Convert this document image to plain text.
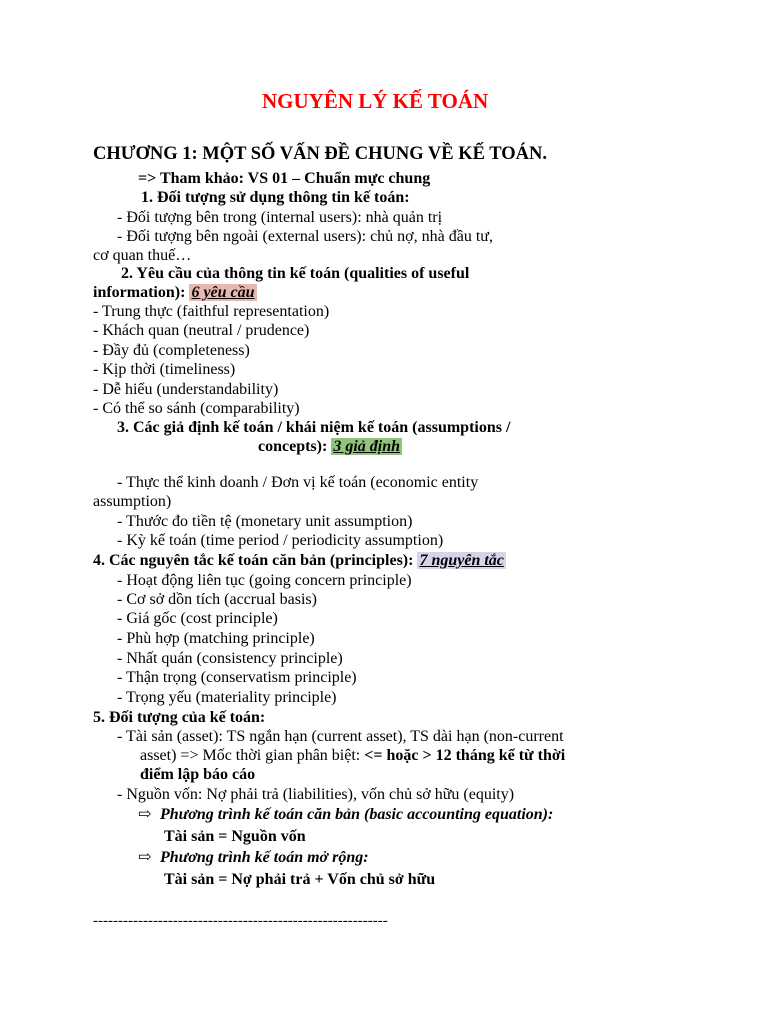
NGUYÊN LÝ KẾ TOÁN
CHƯƠNG 1: MỘT SỐ VẤN ĐỀ CHUNG VỀ KẾ TOÁN.
=> Tham khảo: VS 01 – Chuẩn mực chung
1. Đối tượng sử dụng thông tin kế toán:
- Đối tượng bên trong (internal users): nhà quản trị
- Đối tượng bên ngoài (external users): chủ nợ, nhà đầu tư,
cơ quan thuế…
2. Yêu cầu của thông tin kế toán (qualities of useful
information): 6 yêu cầu
- Trung thực (faithful representation)
- Khách quan (neutral / prudence)
- Đầy đủ (completeness)
- Kịp thời (timeliness)
- Dễ hiểu (understandability)
- Có thể so sánh (comparability)
3. Các giả định kế toán / khái niệm kế toán (assumptions /
concepts): 3 giả định
- Thực thể kinh doanh / Đơn vị kế toán (economic entity
assumption)
- Thước đo tiền tệ (monetary unit assumption)
- Kỳ kế toán (time period / periodicity assumption)
4. Các nguyên tắc kế toán căn bản (principles): 7 nguyên tắc
- Hoạt động liên tục (going concern principle)
- Cơ sở dồn tích (accrual basis)
- Giá gốc (cost principle)
- Phù hợp (matching principle)
- Nhất quán (consistency principle)
- Thận trọng (conservatism principle)
- Trọng yếu (materiality principle)
5. Đối tượng của kế toán:
- Tài sản (asset): TS ngắn hạn (current asset), TS dài hạn (non-current
asset) => Mốc thời gian phân biệt: <= hoặc > 12 tháng kể từ thời
điểm lập báo cáo
- Nguồn vốn: Nợ phải trả (liabilities), vốn chủ sở hữu (equity)
⇨ Phương trình kế toán căn bản (basic accounting equation):
Tài sản = Nguồn vốn
⇨ Phương trình kế toán mở rộng:
Tài sản = Nợ phải trả + Vốn chủ sở hữu
-----------------------------------------------------------
